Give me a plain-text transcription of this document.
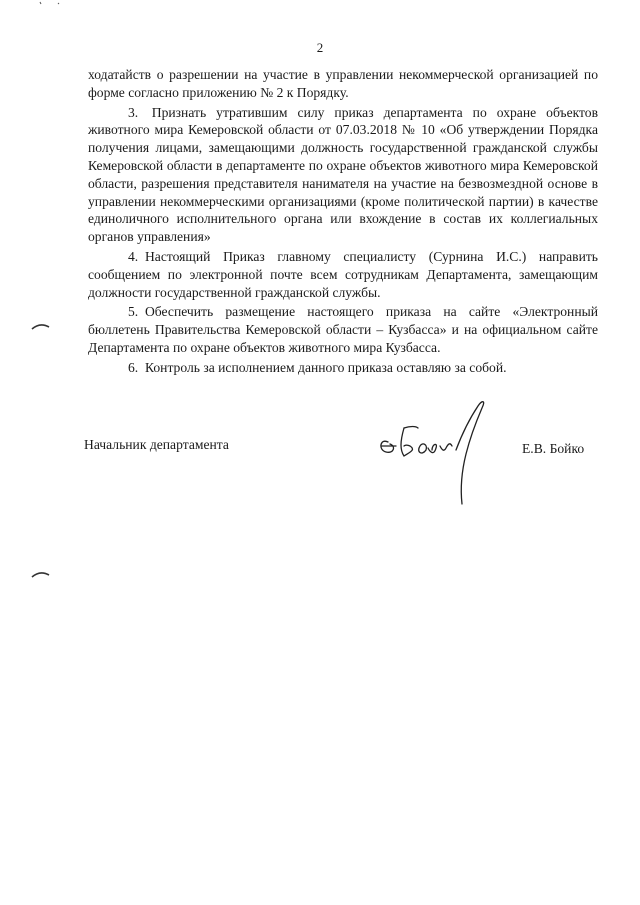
2

ходатайств о разрешении на участие в управлении некоммерческой организацией по форме согласно приложению № 2 к Порядку.

3. Признать утратившим силу приказ департамента по охране объектов животного мира Кемеровской области от 07.03.2018 № 10 «Об утверждении Порядка получения лицами, замещающими должность государственной гражданской службы Кемеровской области в департаменте по охране объектов животного мира Кемеровской области, разрешения представителя нанимателя на участие на безвозмездной основе в управлении некоммерческими организациями (кроме политической партии) в качестве единоличного исполнительного органа или вхождение в состав их коллегиальных органов управления»

4. Настоящий Приказ главному специалисту (Сурнина И.С.) направить сообщением по электронной почте всем сотрудникам Департамента, замещающим должности государственной гражданской службы.

5. Обеспечить размещение настоящего приказа на сайте «Электронный бюллетень Правительства Кемеровской области – Кузбасса» и на официальном сайте Департамента по охране объектов животного мира Кузбасса.

6. Контроль за исполнением данного приказа оставляю за собой.

Начальник департамента	Е.В. Бойко
